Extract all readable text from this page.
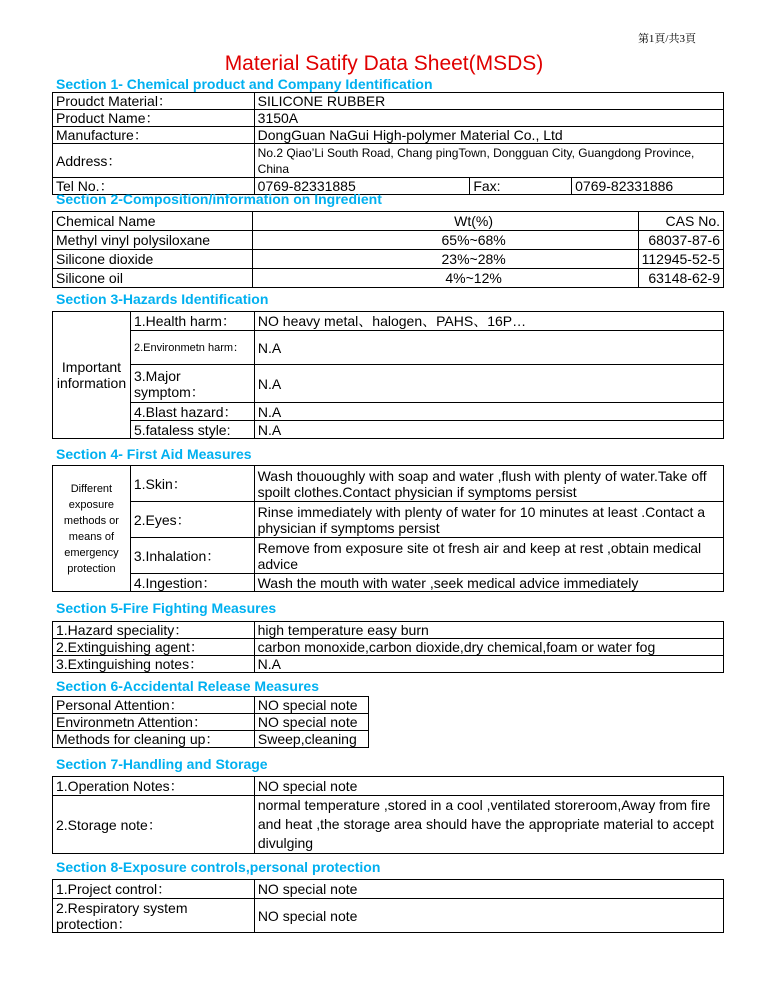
第1頁/共3頁
Material Satify Data Sheet(MSDS)
Section 1- Chemical product and Company Identification
Proudct Material：	SILICONE RUBBER		
Product Name：	3150A		
Manufacture：	DongGuan NaGui High-polymer Material Co., Ltd		
Address：	No.2 Qiao’Li South Road, Chang pingTown, Dongguan City, Guangdong Province, China		
Tel No.：	0769-82331885	Fax:	0769-82331886
Section 2-Composition/information on Ingredient
Chemical Name	Wt(%)	CAS No.
Methyl vinyl polysiloxane	65%~68%	68037-87-6
Silicone dioxide	23%~28%	112945-52-5
Silicone oil	4%~12%	63148-62-9
Section 3-Hazards Identification
Important information	1.Health harm：	NO heavy metal、halogen、PAHS、16P…
	2.Environmetn harm：	N.A
	3.Major symptom：	N.A
	4.Blast hazard：	N.A
	5.fataless style:	N.A
Section 4- First Aid Measures
Different exposure methods or means of emergency protection	1.Skin：	Wash thououghly with soap and water ,flush with plenty of water.Take off spoilt clothes.Contact physician if symptoms persist
	2.Eyes：	Rinse immediately with plenty of water for 10 minutes at least .Contact a physician if symptoms persist
	3.Inhalation：	Remove from exposure site ot fresh air and keep at rest ,obtain medical advice
	4.Ingestion：	Wash the mouth with water ,seek medical advice immediately
Section 5-Fire Fighting Measures
1.Hazard speciality：	high temperature easy burn
2.Extinguishing agent：	carbon monoxide,carbon dioxide,dry chemical,foam or water fog
3.Extinguishing notes：	N.A
Section 6-Accidental Release Measures
Personal Attention：	NO special note	
Environmetn Attention：	NO special note	
Methods for cleaning up：	Sweep,cleaning	
Section 7-Handling and Storage
1.Operation Notes：	NO special note
2.Storage note：	normal temperature ,stored in a cool ,ventilated storeroom,Away from fire and heat ,the storage area should have the appropriate material to accept divulging
Section 8-Exposure controls,personal protection
1.Project control：	NO special note
2.Respiratory system protection：	NO special note
